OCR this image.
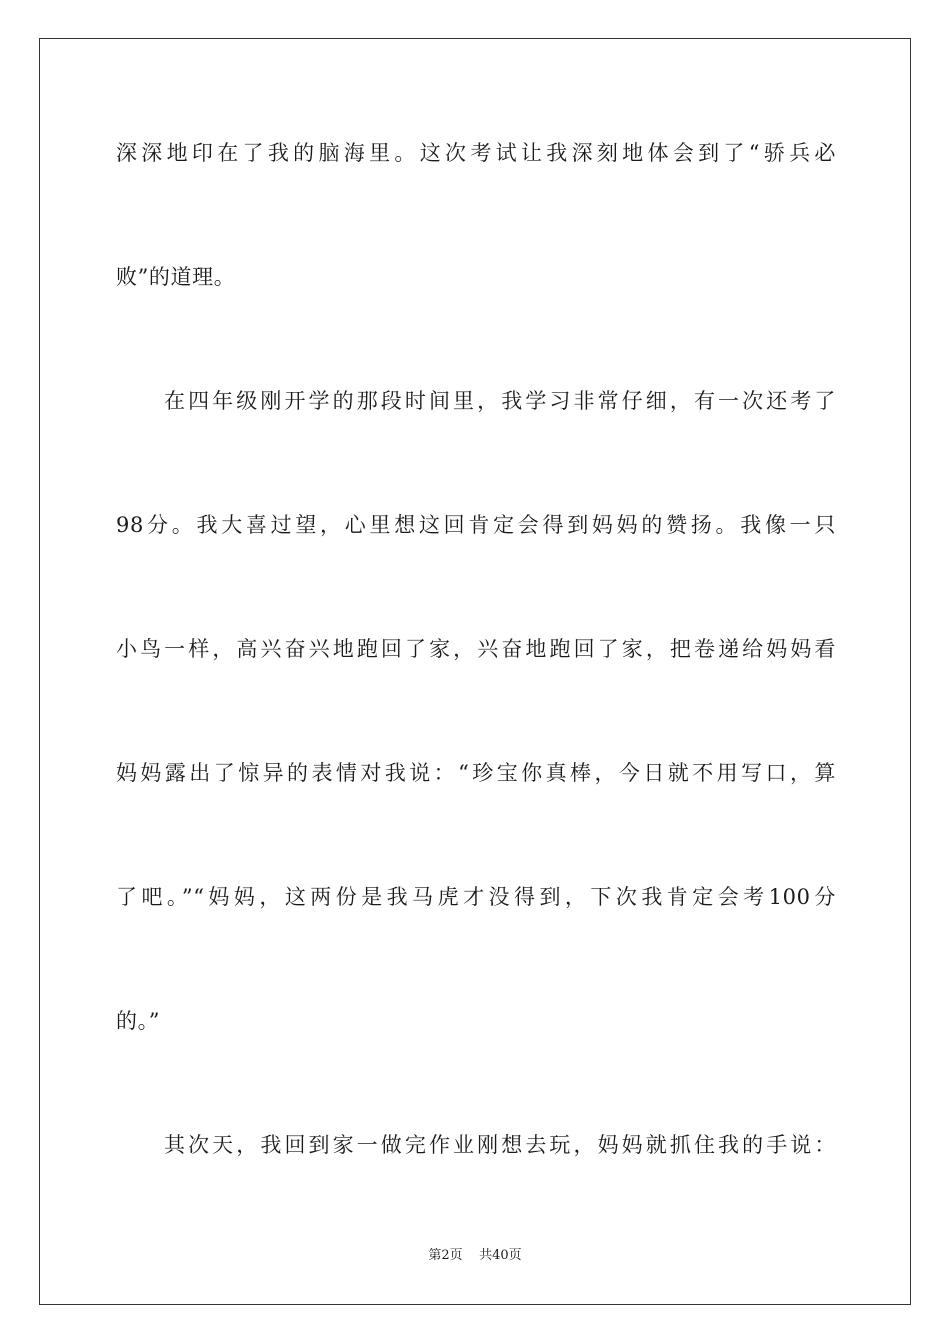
深深地印在了我的脑海里。这次考试让我深刻地体会到了“骄兵必
败”的道理。
在四年级刚开学的那段时间里，我学习非常仔细，有一次还考了
98分。我大喜过望，心里想这回肯定会得到妈妈的赞扬。我像一只
小鸟一样，高兴奋兴地跑回了家，兴奋地跑回了家，把卷递给妈妈看
妈妈露出了惊异的表情对我说：“珍宝你真棒，今日就不用写口，算
了吧。”“妈妈，这两份是我马虎才没得到，下次我肯定会考100分
的。”
其次天，我回到家一做完作业刚想去玩，妈妈就抓住我的手说：
第2页 共40页
